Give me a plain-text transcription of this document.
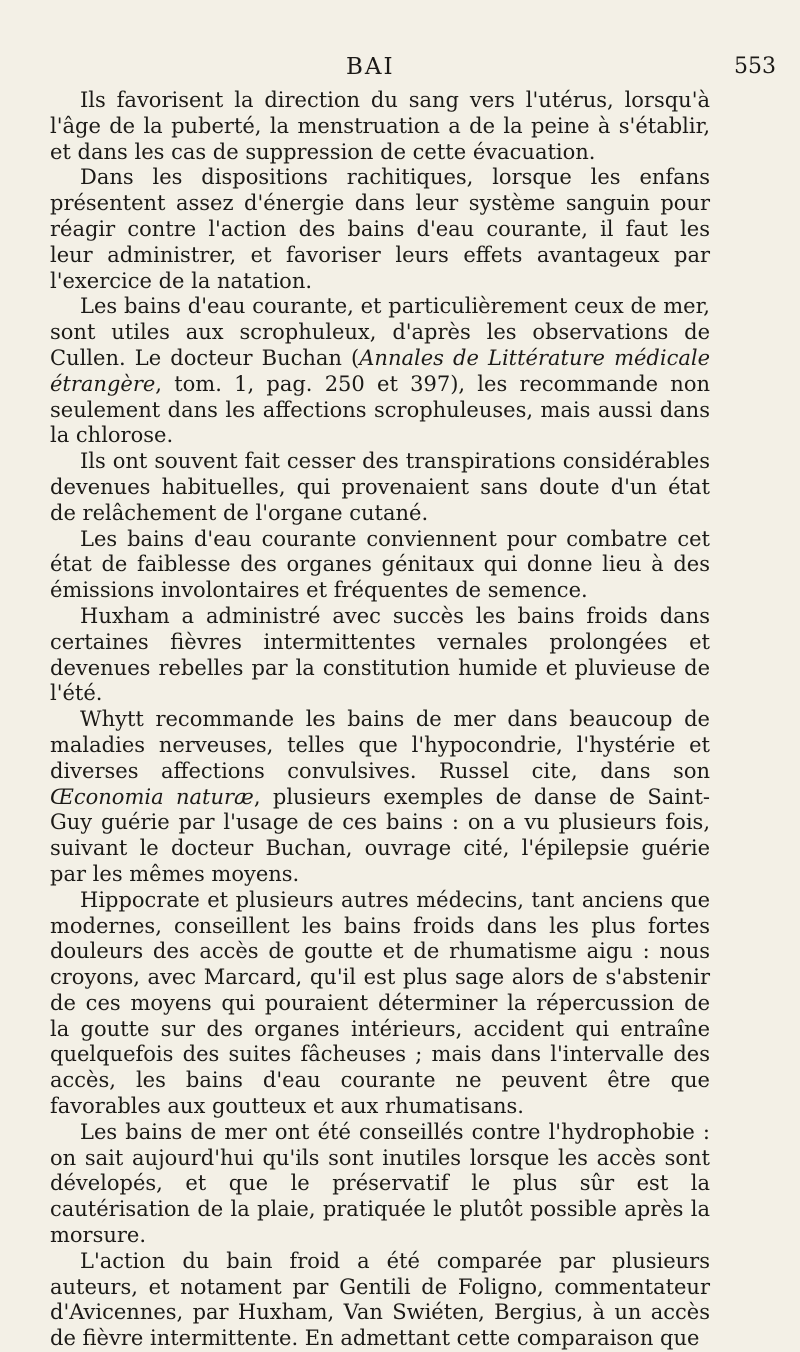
BAI	553

Ils favorisent la direction du sang vers l'utérus, lorsqu'à l'âge de la puberté, la menstruation a de la peine à s'établir, et dans les cas de suppression de cette évacuation.

Dans les dispositions rachitiques, lorsque les enfans présentent assez d'énergie dans leur système sanguin pour réagir contre l'action des bains d'eau courante, il faut les leur administrer, et favoriser leurs effets avantageux par l'exercice de la natation.

Les bains d'eau courante, et particulièrement ceux de mer, sont utiles aux scrophuleux, d'après les observations de Cullen. Le docteur Buchan (Annales de Littérature médicale étrangère, tom. 1, pag. 250 et 397), les recommande non seulement dans les affections scrophuleuses, mais aussi dans la chlorose.

Ils ont souvent fait cesser des transpirations considérables devenues habituelles, qui provenaient sans doute d'un état de relâchement de l'organe cutané.

Les bains d'eau courante conviennent pour combatre cet état de faiblesse des organes génitaux qui donne lieu à des émissions involontaires et fréquentes de semence.

Huxham a administré avec succès les bains froids dans certaines fièvres intermittentes vernales prolongées et devenues rebelles par la constitution humide et pluvieuse de l'été.

Whytt recommande les bains de mer dans beaucoup de maladies nerveuses, telles que l'hypocondrie, l'hystérie et diverses affections convulsives. Russel cite, dans son Œconomia naturæ, plusieurs exemples de danse de Saint-Guy guérie par l'usage de ces bains : on a vu plusieurs fois, suivant le docteur Buchan, ouvrage cité, l'épilepsie guérie par les mêmes moyens.

Hippocrate et plusieurs autres médecins, tant anciens que modernes, conseillent les bains froids dans les plus fortes douleurs des accès de goutte et de rhumatisme aigu : nous croyons, avec Marcard, qu'il est plus sage alors de s'abstenir de ces moyens qui pouraient déterminer la répercussion de la goutte sur des organes intérieurs, accident qui entraîne quelquefois des suites fâcheuses ; mais dans l'intervalle des accès, les bains d'eau courante ne peuvent être que favorables aux goutteux et aux rhumatisans.

Les bains de mer ont été conseillés contre l'hydrophobie : on sait aujourd'hui qu'ils sont inutiles lorsque les accès sont dévelopés, et que le préservatif le plus sûr est la cautérisation de la plaie, pratiquée le plutôt possible après la morsure.

L'action du bain froid a été comparée par plusieurs auteurs, et notament par Gentili de Foligno, commentateur d'Avicennes, par Huxham, Van Swiéten, Bergius, à un accès de fièvre intermittente. En admettant cette comparaison que
